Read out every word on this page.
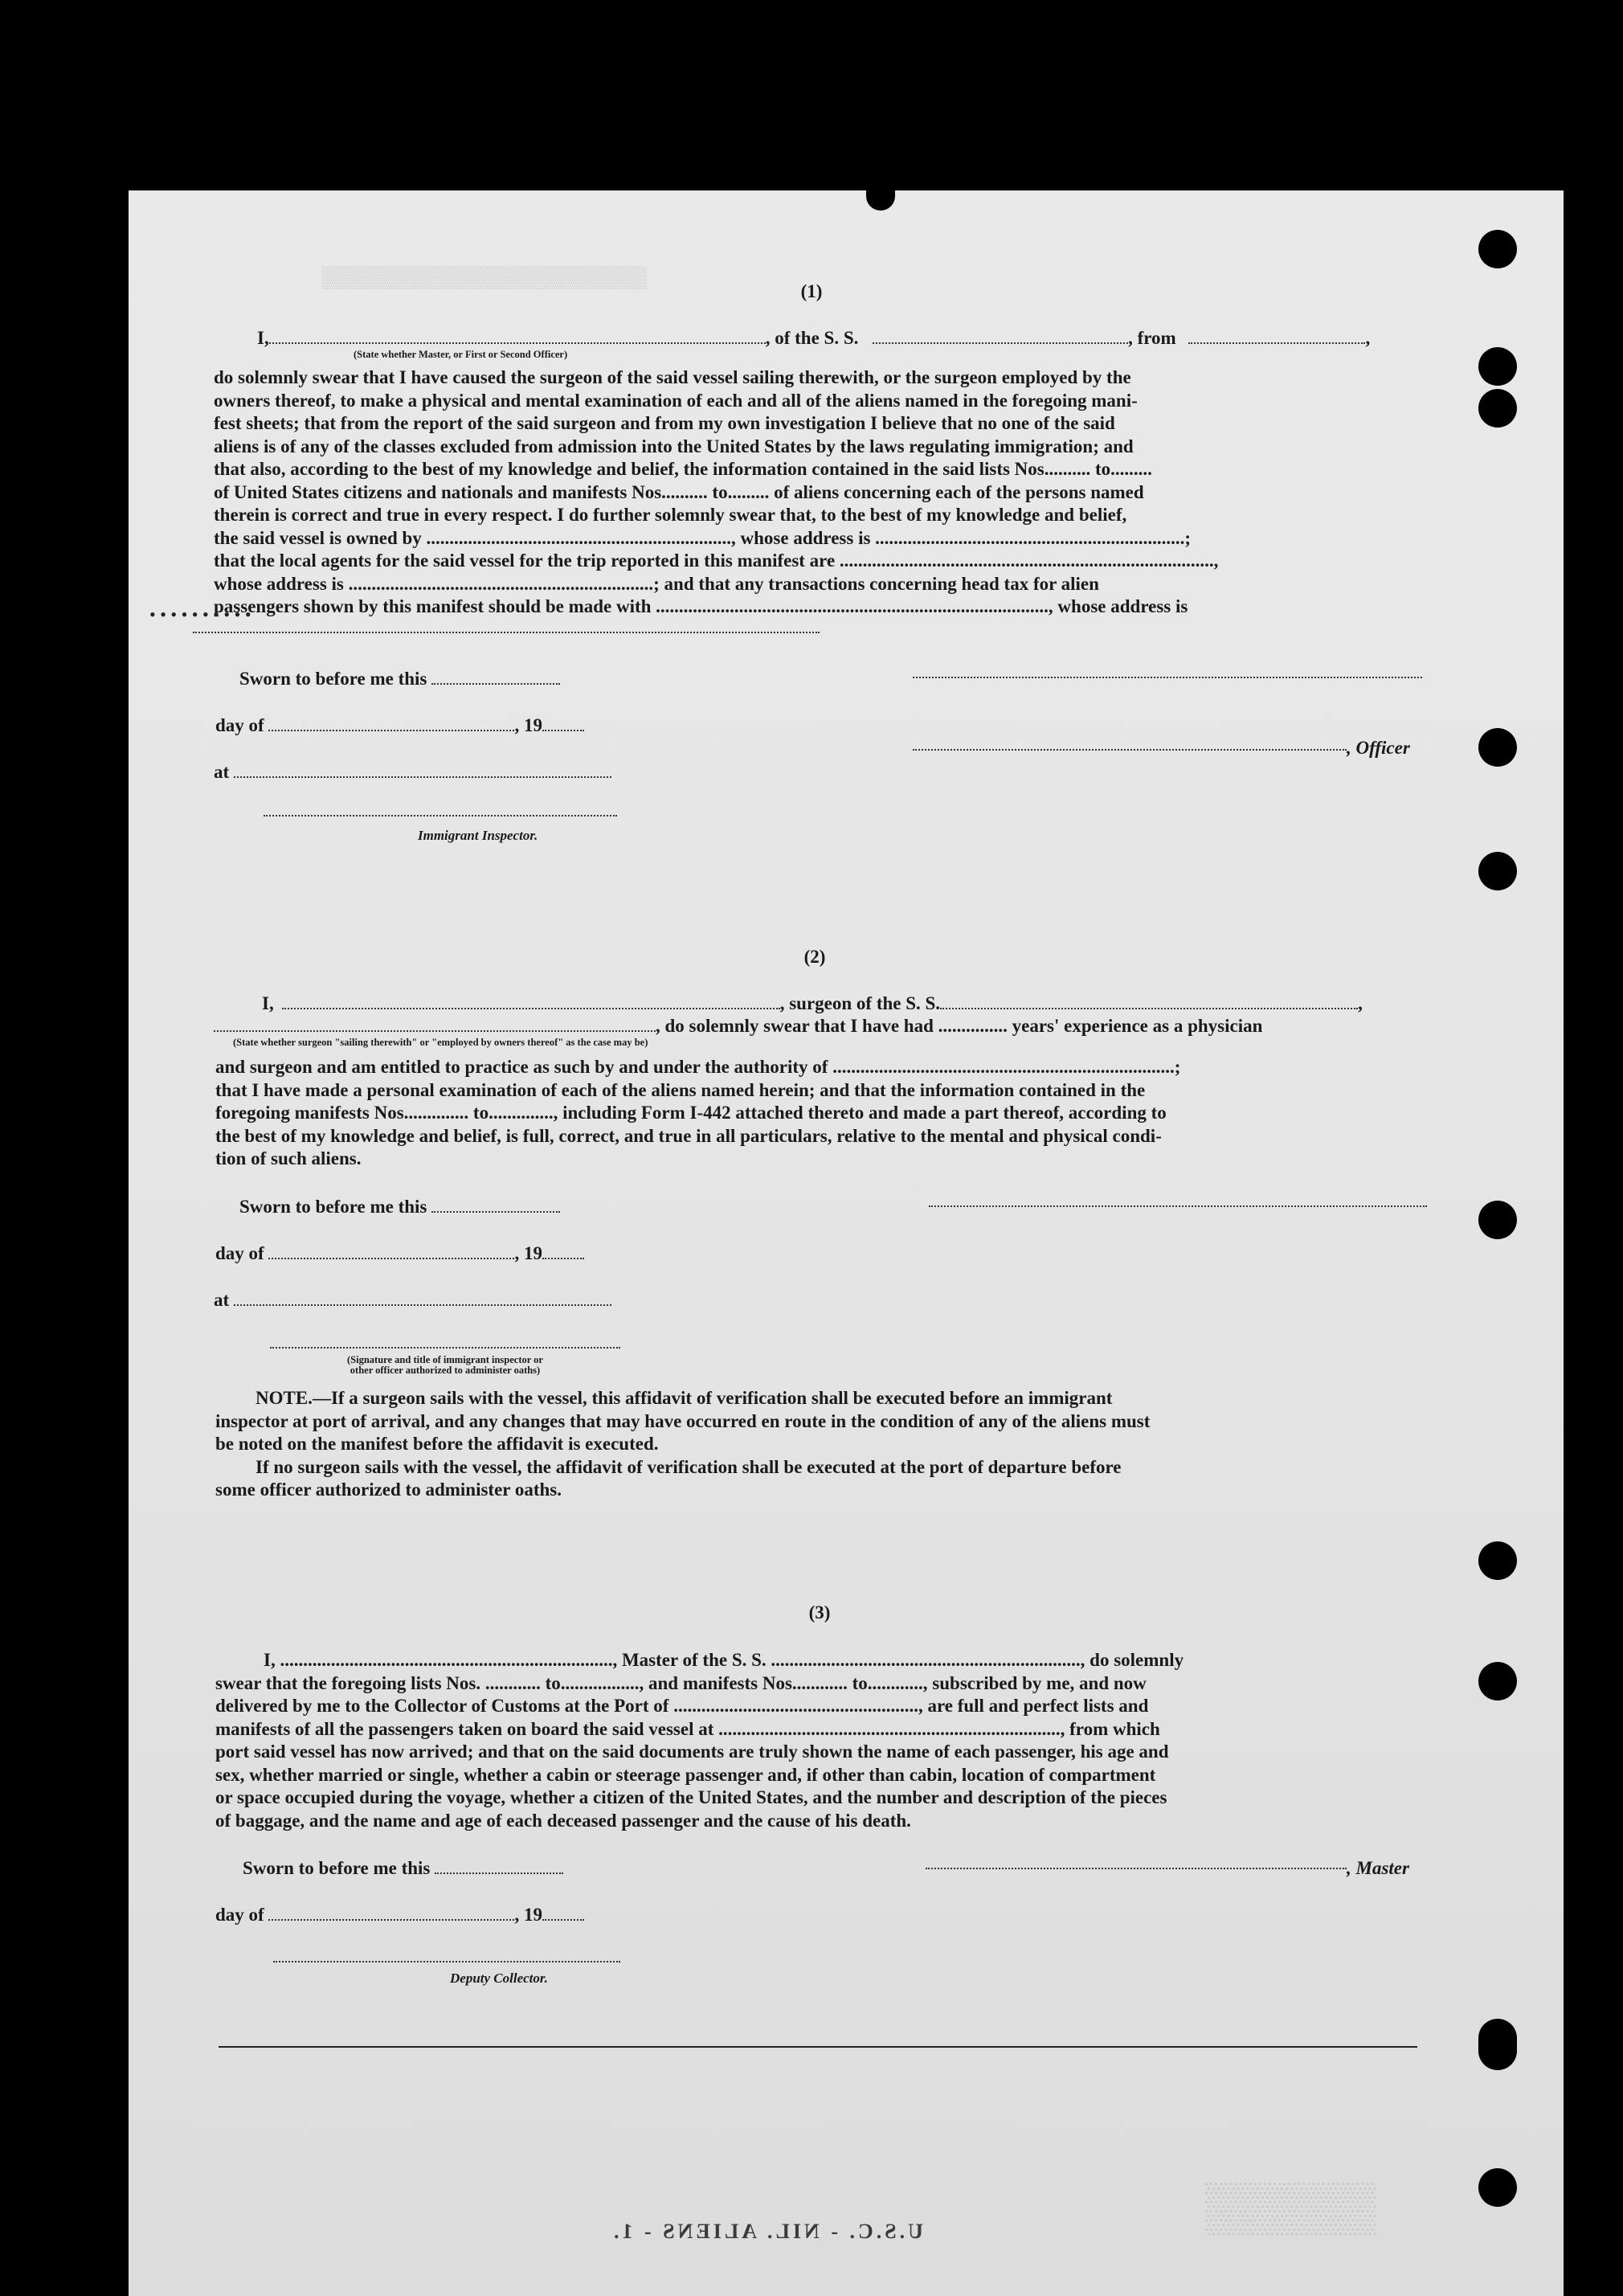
▒▒▒▒▒▒▒▒▒▒▒▒▒▒▒▒▒▒▒▒▒▒
▒▒▒▒▒
(1)
I,	, of the S. S.	, from	,
(State whether Master, or First or Second Officer)
do solemnly swear that I have caused the surgeon of the said vessel sailing therewith, or the surgeon employed by the
owners thereof, to make a physical and mental examination of each and all of the aliens named in the foregoing mani-
fest sheets; that from the report of the said surgeon and from my own investigation I believe that no one of the said
aliens is of any of the classes excluded from admission into the United States by the laws regulating immigration; and
that also, according to the best of my knowledge and belief, the information contained in the said lists Nos.......... to.........
of United States citizens and nationals and manifests Nos.......... to......... of aliens concerning each of the persons named
therein is correct and true in every respect. I do further solemnly swear that, to the best of my knowledge and belief,
the said vessel is owned by .................................................................., whose address is ...................................................................;
that the local agents for the said vessel for the trip reported in this manifest are .................................................................................,
whose address is ..................................................................; and that any transactions concerning head tax for alien
passengers shown by this manifest should be made with ....................................................................................., whose address is
• • • • • • • • • •
Sworn to before me this
day of	, 19
, Officer
at
Immigrant Inspector.
(2)
I,	, surgeon of the S. S.	,
, do solemnly swear that I have had ............... years' experience as a physician
(State whether surgeon "sailing therewith" or "employed by owners thereof" as the case may be)
and surgeon and am entitled to practice as such by and under the authority of ..........................................................................;
that I have made a personal examination of each of the aliens named herein; and that the information contained in the
foregoing manifests Nos.............. to.............., including Form I-442 attached thereto and made a part thereof, according to
the best of my knowledge and belief, is full, correct, and true in all particulars, relative to the mental and physical condi-
tion of such aliens.
Sworn to before me this
day of	, 19
at
(Signature and title of immigrant inspector or
other officer authorized to administer oaths)
NOTE.—If a surgeon sails with the vessel, this affidavit of verification shall be executed before an immigrant
inspector at port of arrival, and any changes that may have occurred en route in the condition of any of the aliens must
be noted on the manifest before the affidavit is executed.
If no surgeon sails with the vessel, the affidavit of verification shall be executed at the port of departure before
some officer authorized to administer oaths.
(3)
I, ........................................................................, Master of the S. S. ..................................................................., do solemnly
swear that the foregoing lists Nos. ............ to................., and manifests Nos............ to............, subscribed by me, and now
delivered by me to the Collector of Customs at the Port of ....................................................., are full and perfect lists and
manifests of all the passengers taken on board the said vessel at .........................................................................., from which
port said vessel has now arrived; and that on the said documents are truly shown the name of each passenger, his age and
sex, whether married or single, whether a cabin or steerage passenger and, if other than cabin, location of compartment
or space occupied during the voyage, whether a citizen of the United States, and the number and description of the pieces
of baggage, and the name and age of each deceased passenger and the cause of his death.
Sworn to before me this	, Master
day of	, 19
Deputy Collector.
U.S.C. - NIL. ALIENS - 1.
